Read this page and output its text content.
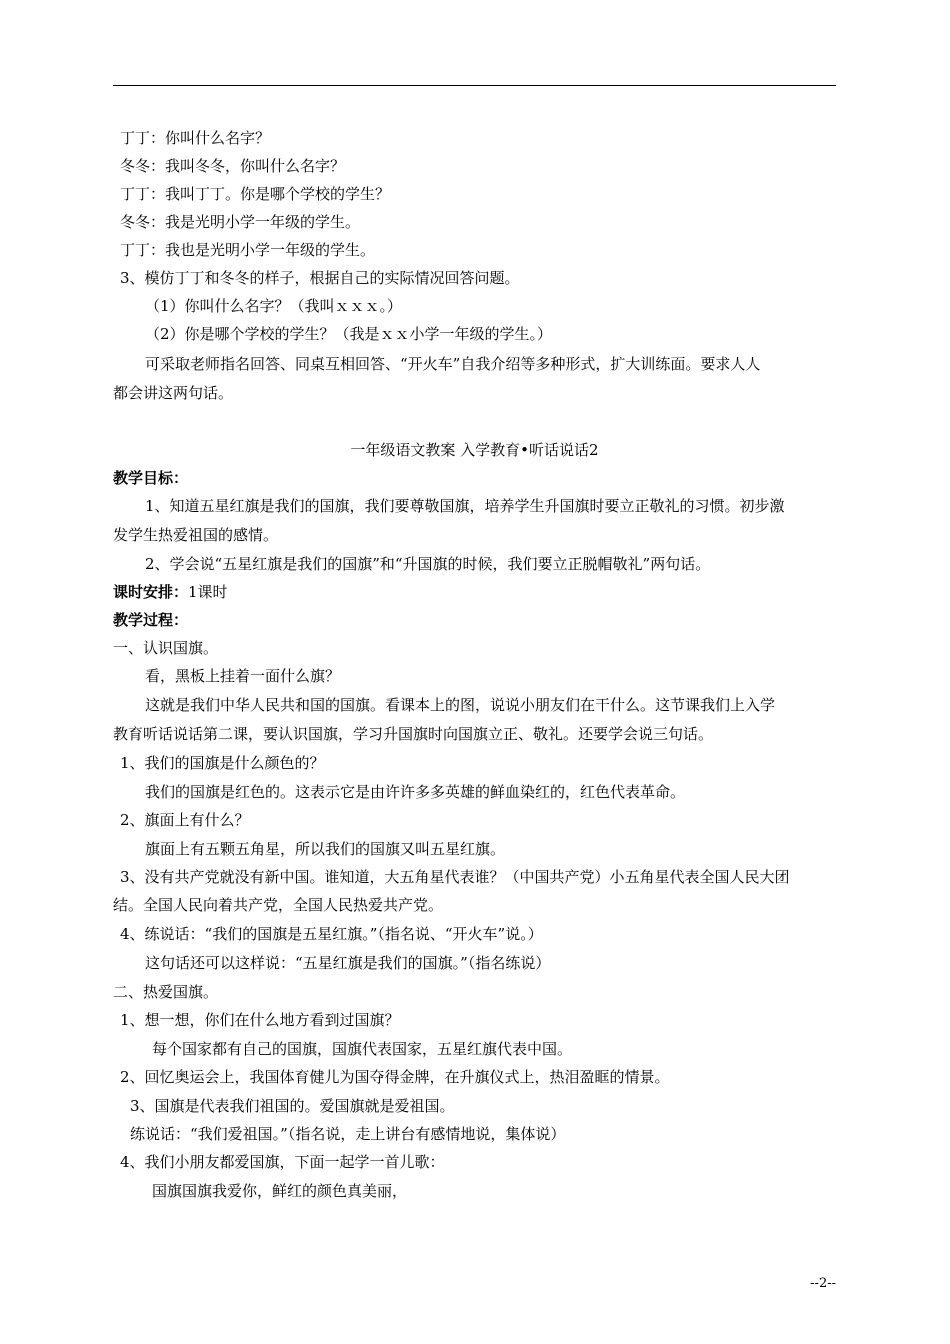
丁丁：你叫什么名字？
冬冬：我叫冬冬，你叫什么名字？
丁丁：我叫丁丁。你是哪个学校的学生？
冬冬：我是光明小学一年级的学生。
丁丁：我也是光明小学一年级的学生。
3、模仿丁丁和冬冬的样子，根据自己的实际情况回答问题。
（1）你叫什么名字？（我叫ｘｘｘ。）
（2）你是哪个学校的学生？（我是ｘｘ小学一年级的学生。）
可采取老师指名回答、同桌互相回答、“开火车”自我介绍等多种形式，扩大训练面。要求人人
都会讲这两句话。
一年级语文教案 入学教育•听话说话2
教学目标：
1、知道五星红旗是我们的国旗，我们要尊敬国旗，培养学生升国旗时要立正敬礼的习惯。初步激
发学生热爱祖国的感情。
2、学会说“五星红旗是我们的国旗”和“升国旗的时候，我们要立正脱帽敬礼”两句话。
课时安排：1课时
教学过程：
一、认识国旗。
看，黑板上挂着一面什么旗？
这就是我们中华人民共和国的国旗。看课本上的图，说说小朋友们在干什么。这节课我们上入学
教育听话说话第二课，要认识国旗，学习升国旗时向国旗立正、敬礼。还要学会说三句话。
1、我们的国旗是什么颜色的？
我们的国旗是红色的。这表示它是由许许多多英雄的鲜血染红的，红色代表革命。
2、旗面上有什么？
旗面上有五颗五角星，所以我们的国旗又叫五星红旗。
3、没有共产党就没有新中国。谁知道，大五角星代表谁？（中国共产党）小五角星代表全国人民大团
结。全国人民向着共产党，全国人民热爱共产党。
4、练说话：“我们的国旗是五星红旗。”（指名说、“开火车”说。）
这句话还可以这样说：“五星红旗是我们的国旗。”（指名练说）
二、热爱国旗。
1、想一想，你们在什么地方看到过国旗？
每个国家都有自己的国旗，国旗代表国家，五星红旗代表中国。
2、回忆奥运会上，我国体育健儿为国夺得金牌，在升旗仪式上，热泪盈眶的情景。
3、国旗是代表我们祖国的。爱国旗就是爱祖国。
练说话：“我们爱祖国。”（指名说，走上讲台有感情地说，集体说）
4、我们小朋友都爱国旗，下面一起学一首儿歌：
国旗国旗我爱你，鲜红的颜色真美丽，
--2--
